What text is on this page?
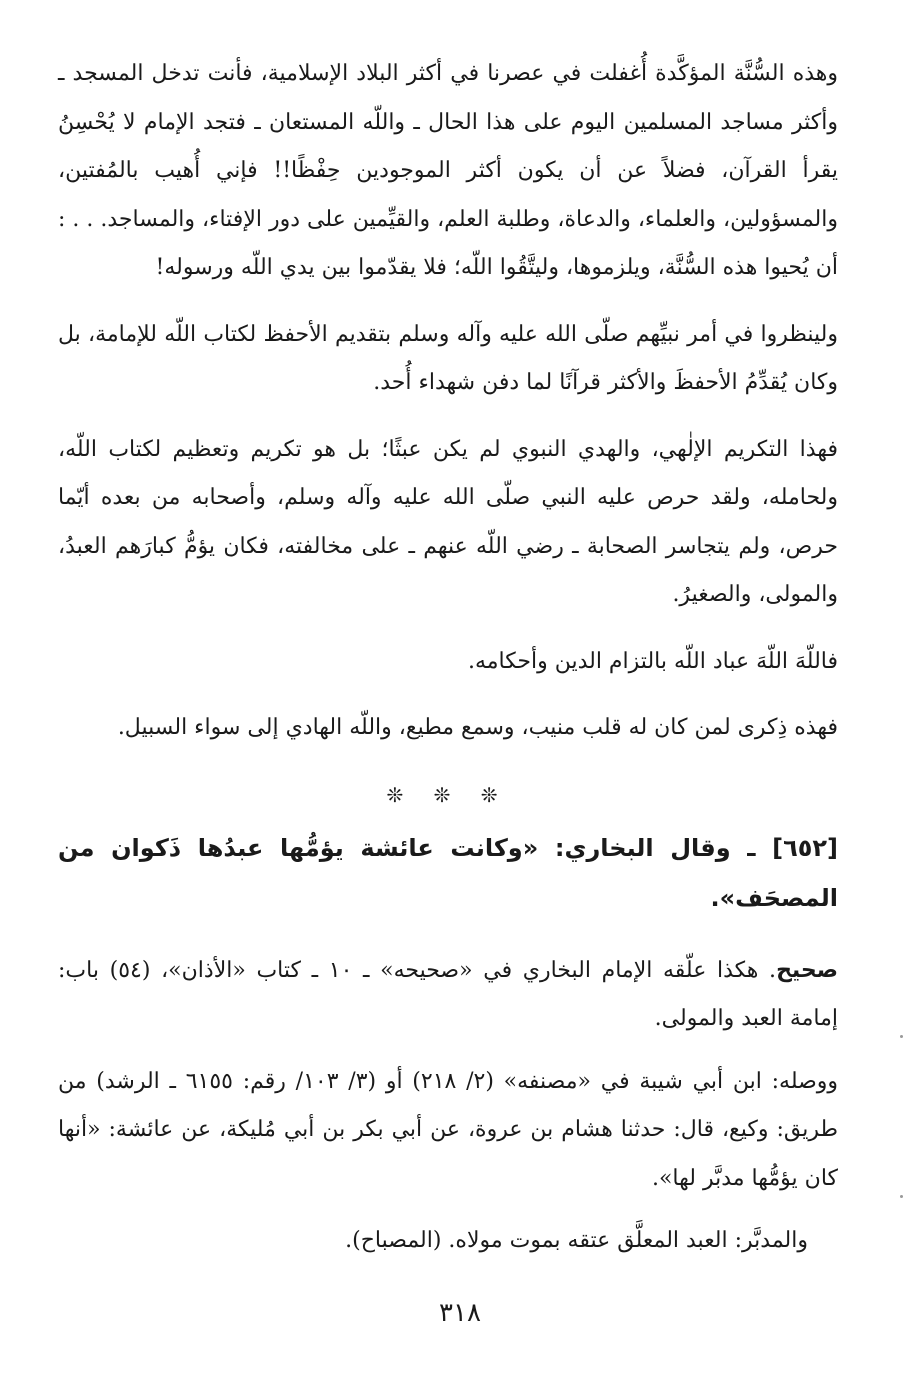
وهذه السُّنَّة المؤكَّدة أُغفلت في عصرنا في أكثر البلاد الإسلامية، فأنت تدخل المسجد ـ وأكثر مساجد المسلمين اليوم على هذا الحال ـ واللّه المستعان ـ فتجد الإمام لا يُحْسِنُ يقرأ القرآن، فضلاً عن أن يكون أكثر الموجودين حِفْظًا!! فإني أُهيب بالمُفتين، والمسؤولين، والعلماء، والدعاة، وطلبة العلم، والقيِّمين على دور الإفتاء، والمساجد. . . : أن يُحيوا هذه السُّنَّة، ويلزموها، وليتَّقُوا اللّه؛ فلا يقدّموا بين يدي اللّه ورسوله!

ولينظروا في أمر نبيِّهم صلّى الله عليه وآله وسلم بتقديم الأحفظ لكتاب اللّه للإمامة، بل وكان يُقدِّمُ الأحفظَ والأكثر قرآنًا لما دفن شهداء أُحد.

فهذا التكريم الإلٰهي، والهدي النبوي لم يكن عبثًا؛ بل هو تكريم وتعظيم لكتاب اللّه، ولحامله، ولقد حرص عليه النبي صلّى الله عليه وآله وسلم، وأصحابه من بعده أيّما حرص، ولم يتجاسر الصحابة ـ رضي اللّه عنهم ـ على مخالفته، فكان يؤمُّ كبارَهم العبدُ، والمولى، والصغيرُ.

فاللّهَ اللّهَ عباد اللّه بالتزام الدين وأحكامه.

فهذه ذِكرى لمن كان له قلب منيب، وسمع مطيع، واللّه الهادي إلى سواء السبيل.

❊ ❊ ❊

[٦٥٢] ـ وقال البخاري: «وكانت عائشة يؤمُّها عبدُها ذَكوان من المصحَف».

صحيح. هكذا علّقه الإمام البخاري في «صحيحه» ـ ١٠ ـ كتاب «الأذان»، (٥٤) باب: إمامة العبد والمولى.

ووصله: ابن أبي شيبة في «مصنفه» (٢/ ٢١٨) أو (٣/ ١٠٣/ رقم: ٦١٥٥ ـ الرشد) من طريق: وكيع، قال: حدثنا هشام بن عروة، عن أبي بكر بن أبي مُليكة، عن عائشة: «أنها كان يؤمُّها مدبَّر لها».

والمدبَّر: العبد المعلَّق عتقه بموت مولاه. (المصباح).

٣١٨
